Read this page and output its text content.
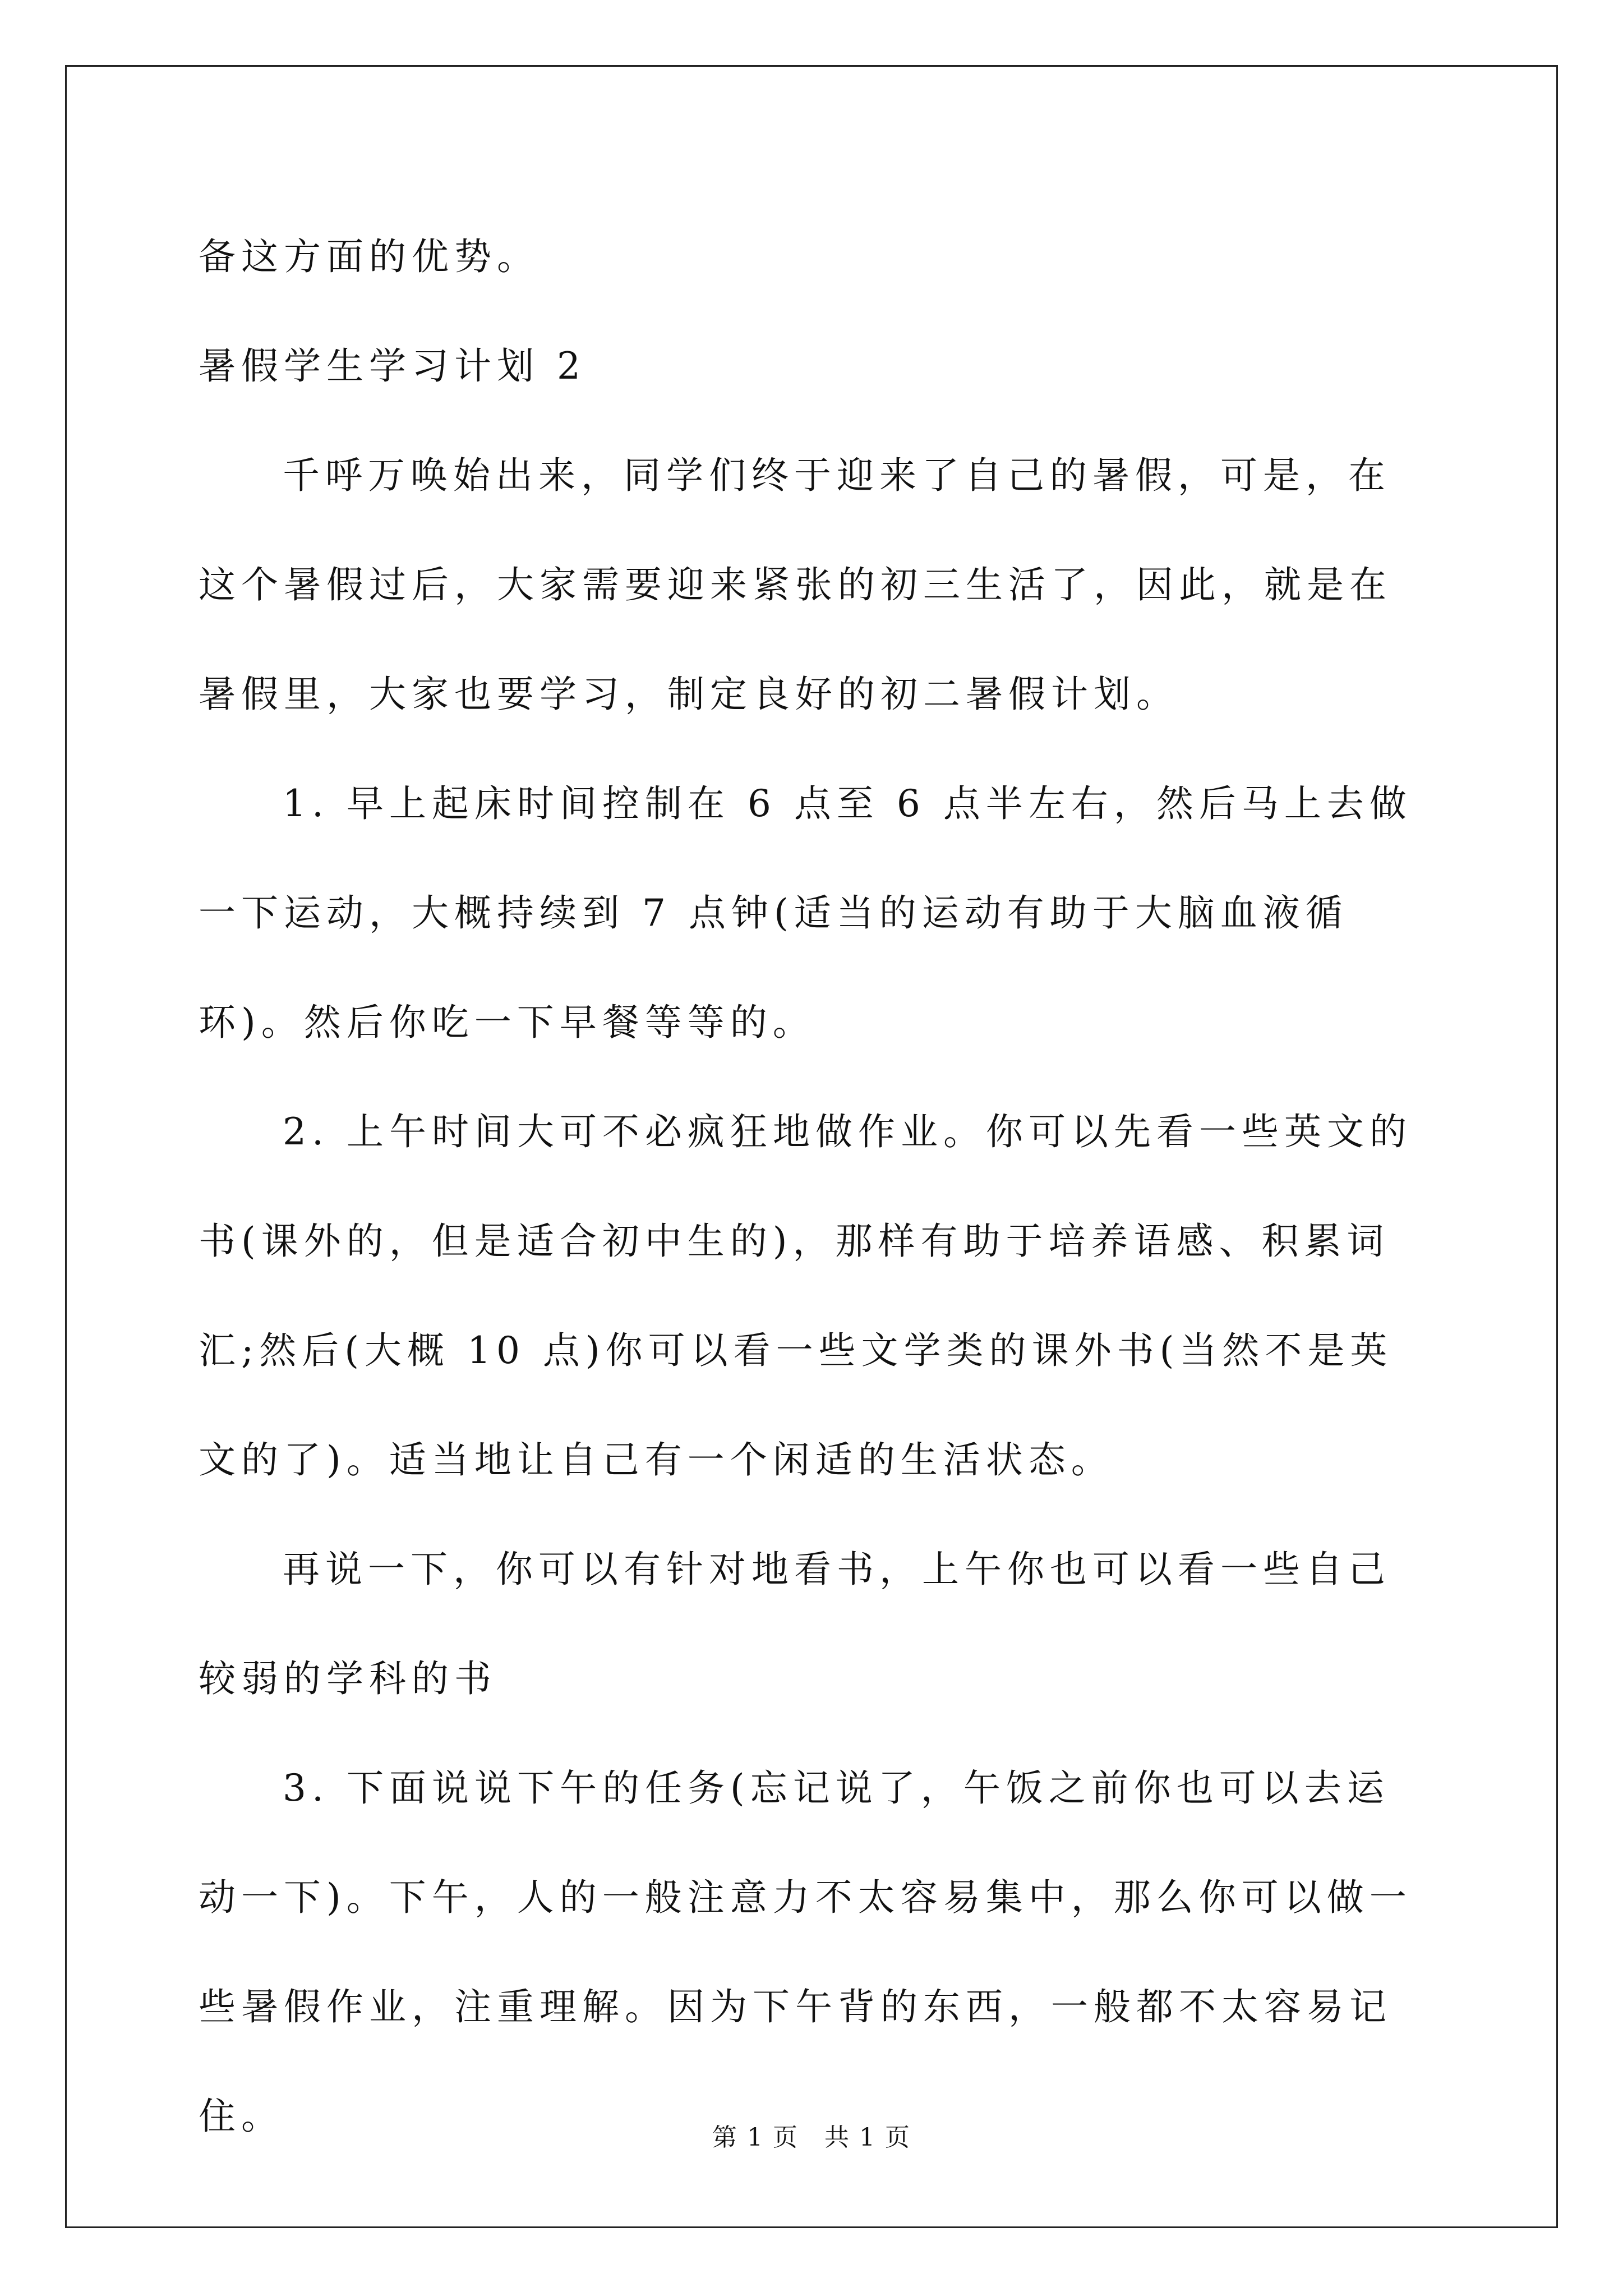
备这方面的优势。

暑假学生学习计划 2

千呼万唤始出来，同学们终于迎来了自己的暑假，可是，在这个暑假过后，大家需要迎来紧张的初三生活了，因此，就是在暑假里，大家也要学习，制定良好的初二暑假计划。

1. 早上起床时间控制在 6 点至 6 点半左右，然后马上去做一下运动，大概持续到 7 点钟(适当的运动有助于大脑血液循环)。然后你吃一下早餐等等的。

2. 上午时间大可不必疯狂地做作业。你可以先看一些英文的书(课外的，但是适合初中生的)，那样有助于培养语感、积累词汇;然后(大概 10 点)你可以看一些文学类的课外书(当然不是英文的了)。适当地让自己有一个闲适的生活状态。

再说一下，你可以有针对地看书，上午你也可以看一些自己较弱的学科的书

3. 下面说说下午的任务(忘记说了，午饭之前你也可以去运动一下)。下午，人的一般注意力不太容易集中，那么你可以做一些暑假作业，注重理解。因为下午背的东西，一般都不太容易记住。	第 1 页　共 1 页
